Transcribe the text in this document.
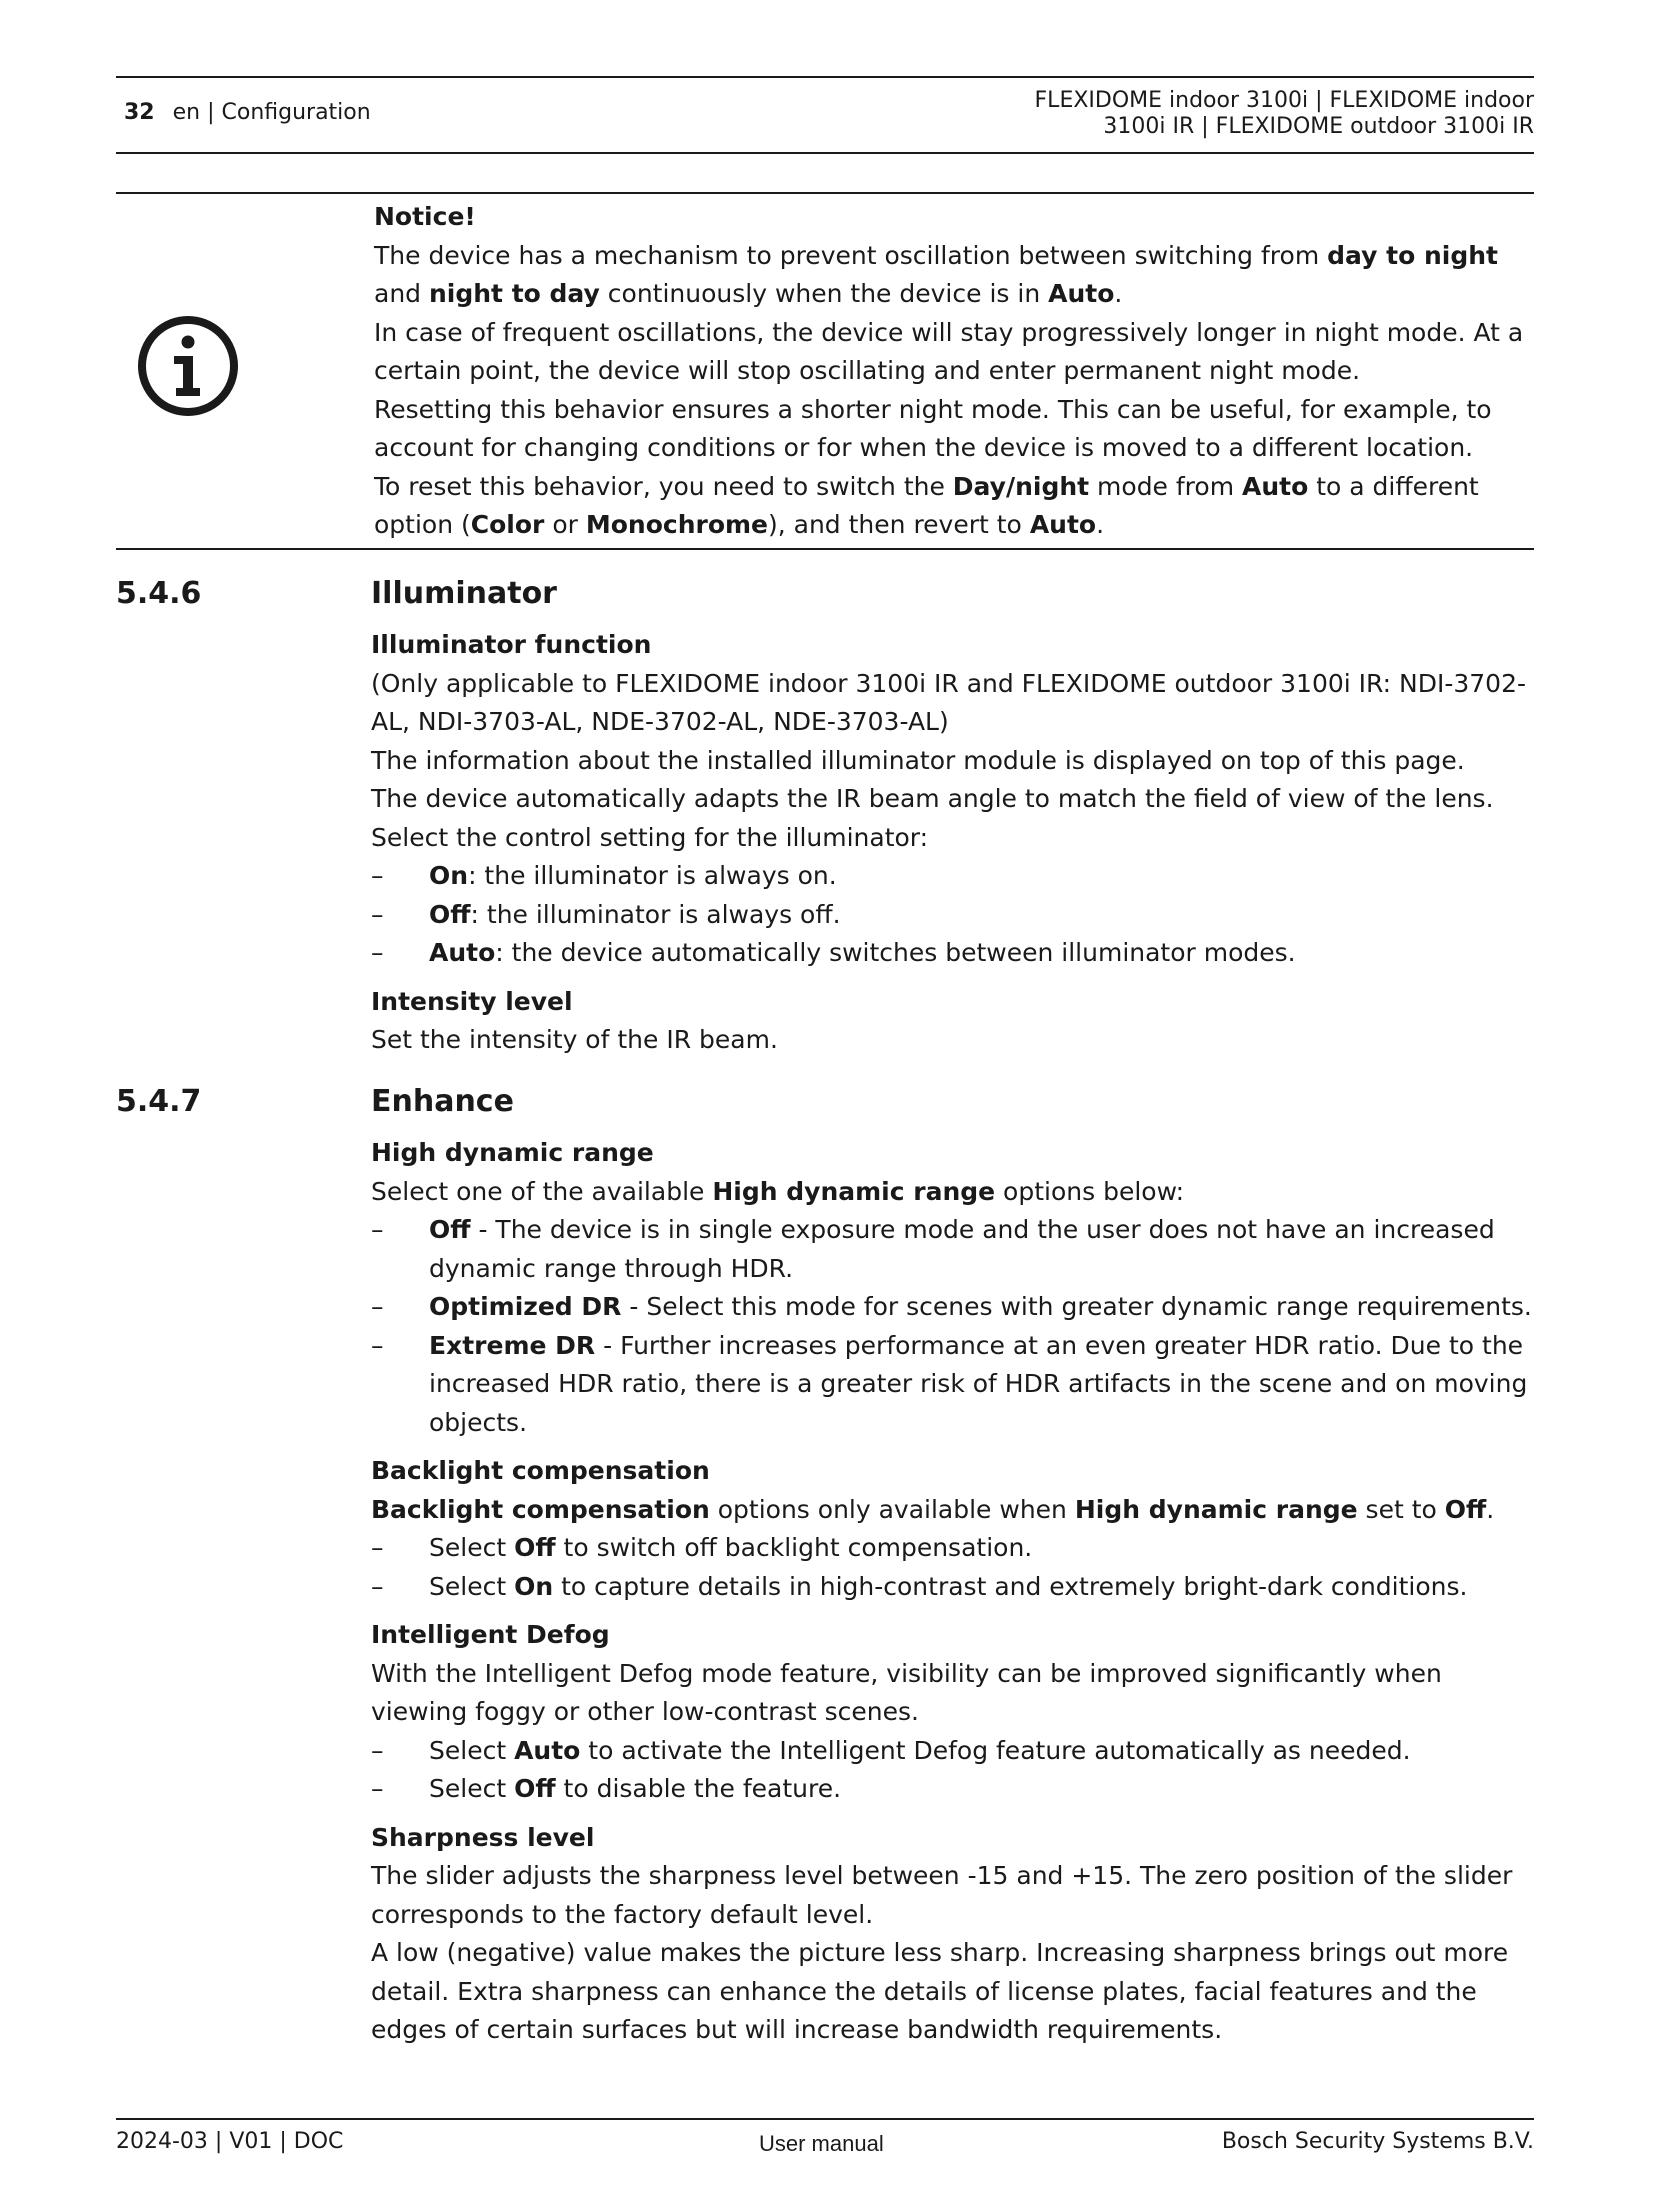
32 en | Configuration	FLEXIDOME indoor 3100i | FLEXIDOME indoor
3100i IR | FLEXIDOME outdoor 3100i IR

Notice!

The device has a mechanism to prevent oscillation between switching from day to night and night to day continuously when the device is in Auto.

In case of frequent oscillations, the device will stay progressively longer in night mode. At a certain point, the device will stop oscillating and enter permanent night mode.

Resetting this behavior ensures a shorter night mode. This can be useful, for example, to account for changing conditions or for when the device is moved to a different location.

To reset this behavior, you need to switch the Day/night mode from Auto to a different option (Color or Monochrome), and then revert to Auto.

5.4.6	Illuminator

Illuminator function

(Only applicable to FLEXIDOME indoor 3100i IR and FLEXIDOME outdoor 3100i IR: NDI-3702-AL, NDI-3703-AL, NDE-3702-AL, NDE-3703-AL)

The information about the installed illuminator module is displayed on top of this page.

The device automatically adapts the IR beam angle to match the field of view of the lens.

Select the control setting for the illuminator:

– On: the illuminator is always on.

– Off: the illuminator is always off.

– Auto: the device automatically switches between illuminator modes.

Intensity level

Set the intensity of the IR beam.

5.4.7	Enhance

High dynamic range

Select one of the available High dynamic range options below:

– Off - The device is in single exposure mode and the user does not have an increased dynamic range through HDR.

– Optimized DR - Select this mode for scenes with greater dynamic range requirements.

– Extreme DR - Further increases performance at an even greater HDR ratio. Due to the increased HDR ratio, there is a greater risk of HDR artifacts in the scene and on moving objects.

Backlight compensation

Backlight compensation options only available when High dynamic range set to Off.

– Select Off to switch off backlight compensation.

– Select On to capture details in high-contrast and extremely bright-dark conditions.

Intelligent Defog

With the Intelligent Defog mode feature, visibility can be improved significantly when viewing foggy or other low-contrast scenes.

– Select Auto to activate the Intelligent Defog feature automatically as needed.

– Select Off to disable the feature.

Sharpness level

The slider adjusts the sharpness level between -15 and +15. The zero position of the slider corresponds to the factory default level.

A low (negative) value makes the picture less sharp. Increasing sharpness brings out more detail. Extra sharpness can enhance the details of license plates, facial features and the edges of certain surfaces but will increase bandwidth requirements.

2024-03 | V01 | DOC	User manual	Bosch Security Systems B.V.
